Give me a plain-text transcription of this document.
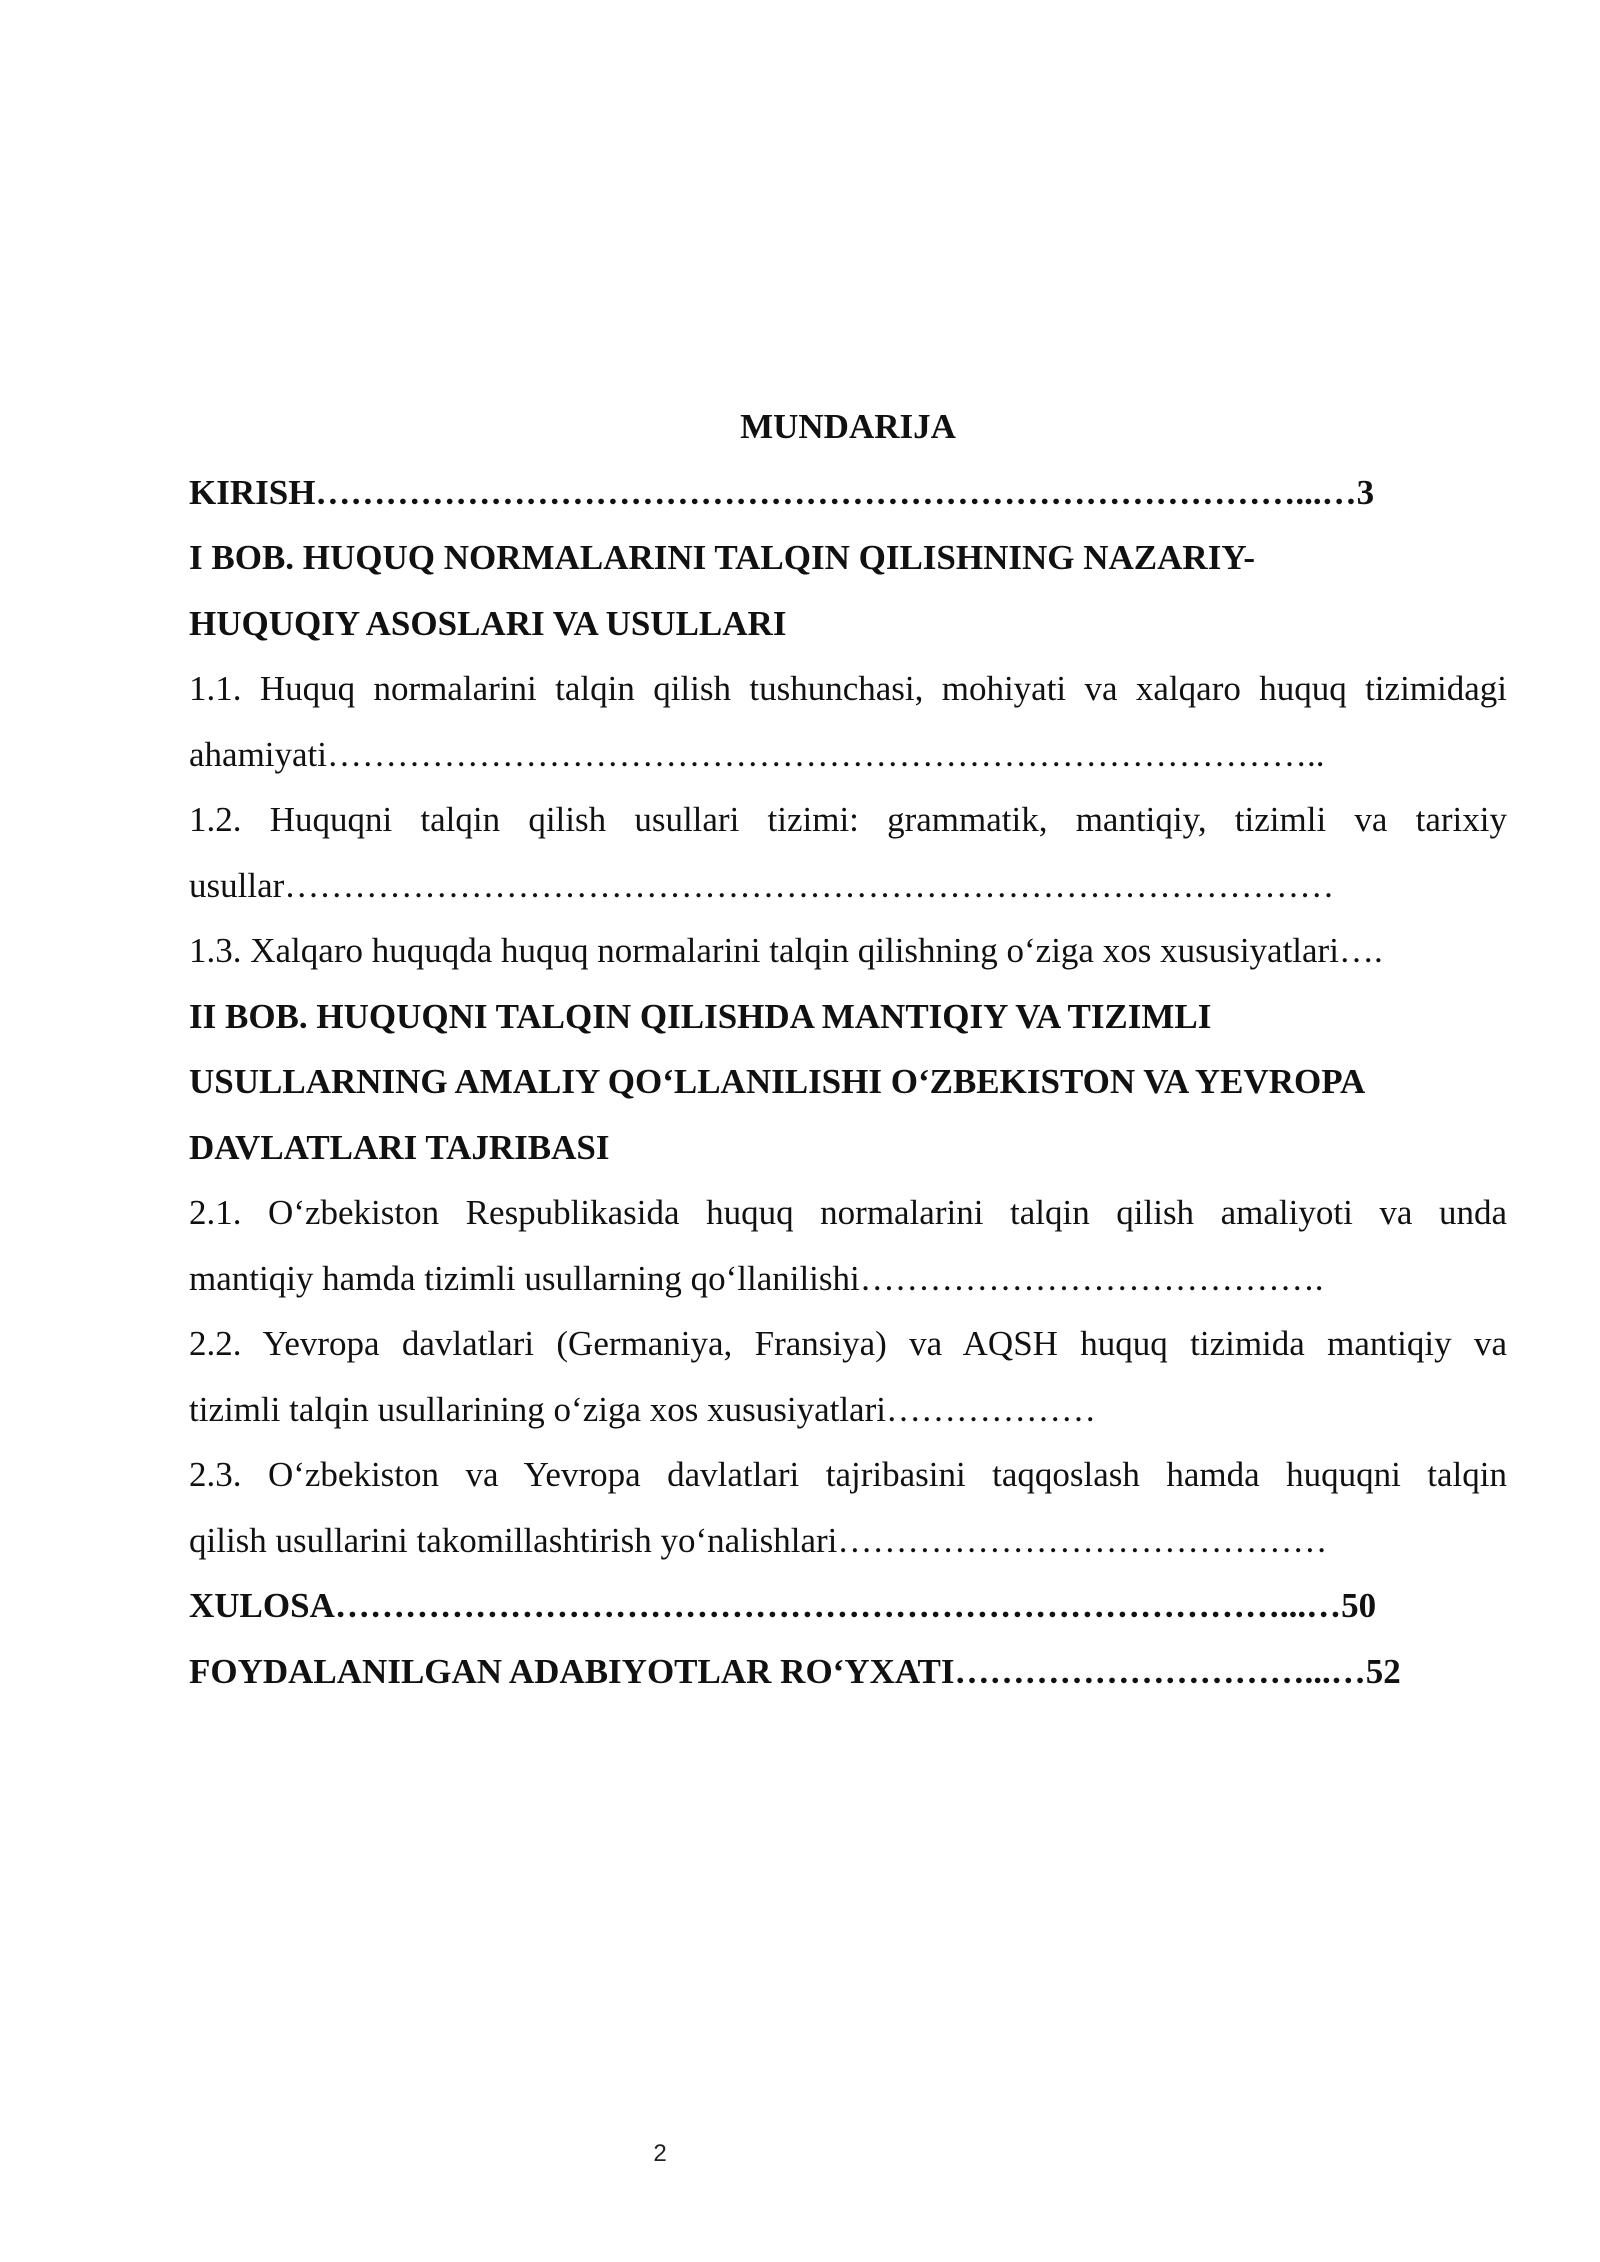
MUNDARIJA
KIRISH…………………………………………………………………………...…3
I BOB. HUQUQ NORMALARINI TALQIN QILISHNING NAZARIY-
HUQUQIY ASOSLARI VA USULLARI
1.1. Huquq normalarini talqin qilish tushunchasi, mohiyati va xalqaro huquq tizimidagi
ahamiyati…………………………………………………………………………..
1.2. Huquqni talqin qilish usullari tizimi: grammatik, mantiqiy, tizimli va tarixiy
usullar………………………………………………………………………………
1.3. Xalqaro huquqda huquq normalarini talqin qilishning oʻziga xos xususiyatlari….
II BOB. HUQUQNI TALQIN QILISHDA MANTIQIY VA TIZIMLI
USULLARNING AMALIY QOʻLLANILISHI OʻZBEKISTON VA YEVROPA
DAVLATLARI TAJRIBASI
2.1. Oʻzbekiston Respublikasida huquq normalarini talqin qilish amaliyoti va unda
mantiqiy hamda tizimli usullarning qoʻllanilishi………………………………….
2.2. Yevropa davlatlari (Germaniya, Fransiya) va AQSH huquq tizimida mantiqiy va
tizimli talqin usullarining oʻziga xos xususiyatlari………………
2.3. Oʻzbekiston va Yevropa davlatlari tajribasini taqqoslash hamda huquqni talqin
qilish usullarini takomillashtirish yoʻnalishlari……………………………………
XULOSA………………………………………………………………………...…50
FOYDALANILGAN ADABIYOTLAR ROʻYXATI…………………………...…52
2
